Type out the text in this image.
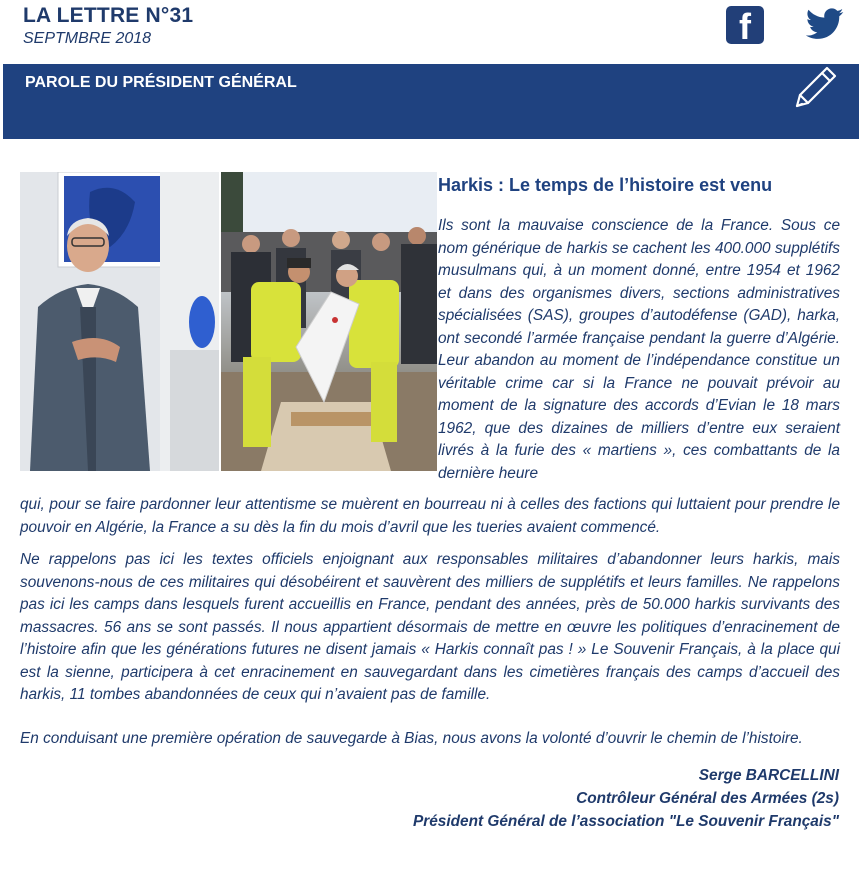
LA LETTRE N°31
SEPTMBRE 2018	f
PAROLE DU PRÉSIDENT GÉNÉRAL
Harkis : Le temps de l’histoire est venu

Ils sont la mauvaise conscience de la France. Sous ce nom générique de harkis se cachent les 400.000 supplétifs musulmans qui, à un moment donné, entre 1954 et 1962 et dans des organismes divers, sections administratives spécialisées (SAS), groupes d’autodéfense (GAD), harka, ont secondé l’armée française pendant la guerre d’Algérie. Leur abandon au moment de l’indépendance constitue un véritable crime car si la France ne pouvait prévoir au moment de la signature des accords d’Evian le 18 mars 1962, que des dizaines de milliers d’entre eux seraient livrés à la furie des « martiens », ces combattants de la dernière heure

qui, pour se faire pardonner leur attentisme se muèrent en bourreau ni à celles des factions qui luttaient pour prendre le pouvoir en Algérie, la France a su dès la fin du mois d’avril que les tueries avaient commencé.

Ne rappelons pas ici les textes officiels enjoignant aux responsables militaires d’abandonner leurs harkis, mais souvenons-nous de ces militaires qui désobéirent et sauvèrent des milliers de supplétifs et leurs familles. Ne rappelons pas ici les camps dans lesquels furent accueillis en France, pendant des années, près de 50.000 harkis survivants des massacres. 56 ans se sont passés. Il nous appartient désormais de mettre en œuvre les politiques d’enracinement de l’histoire afin que les générations futures ne disent jamais « Harkis connaît pas ! » Le Souvenir Français, à la place qui est la sienne, participera à cet enracinement en sauvegardant dans les cimetières français des camps d’accueil des harkis, 11 tombes abandonnées de ceux qui n’avaient pas de famille.

En conduisant une première opération de sauvegarde à Bias, nous avons la volonté d’ouvrir le chemin de l’histoire.

Serge BARCELLINI
Contrôleur Général des Armées (2s)
Président Général de l’association "Le Souvenir Français"
